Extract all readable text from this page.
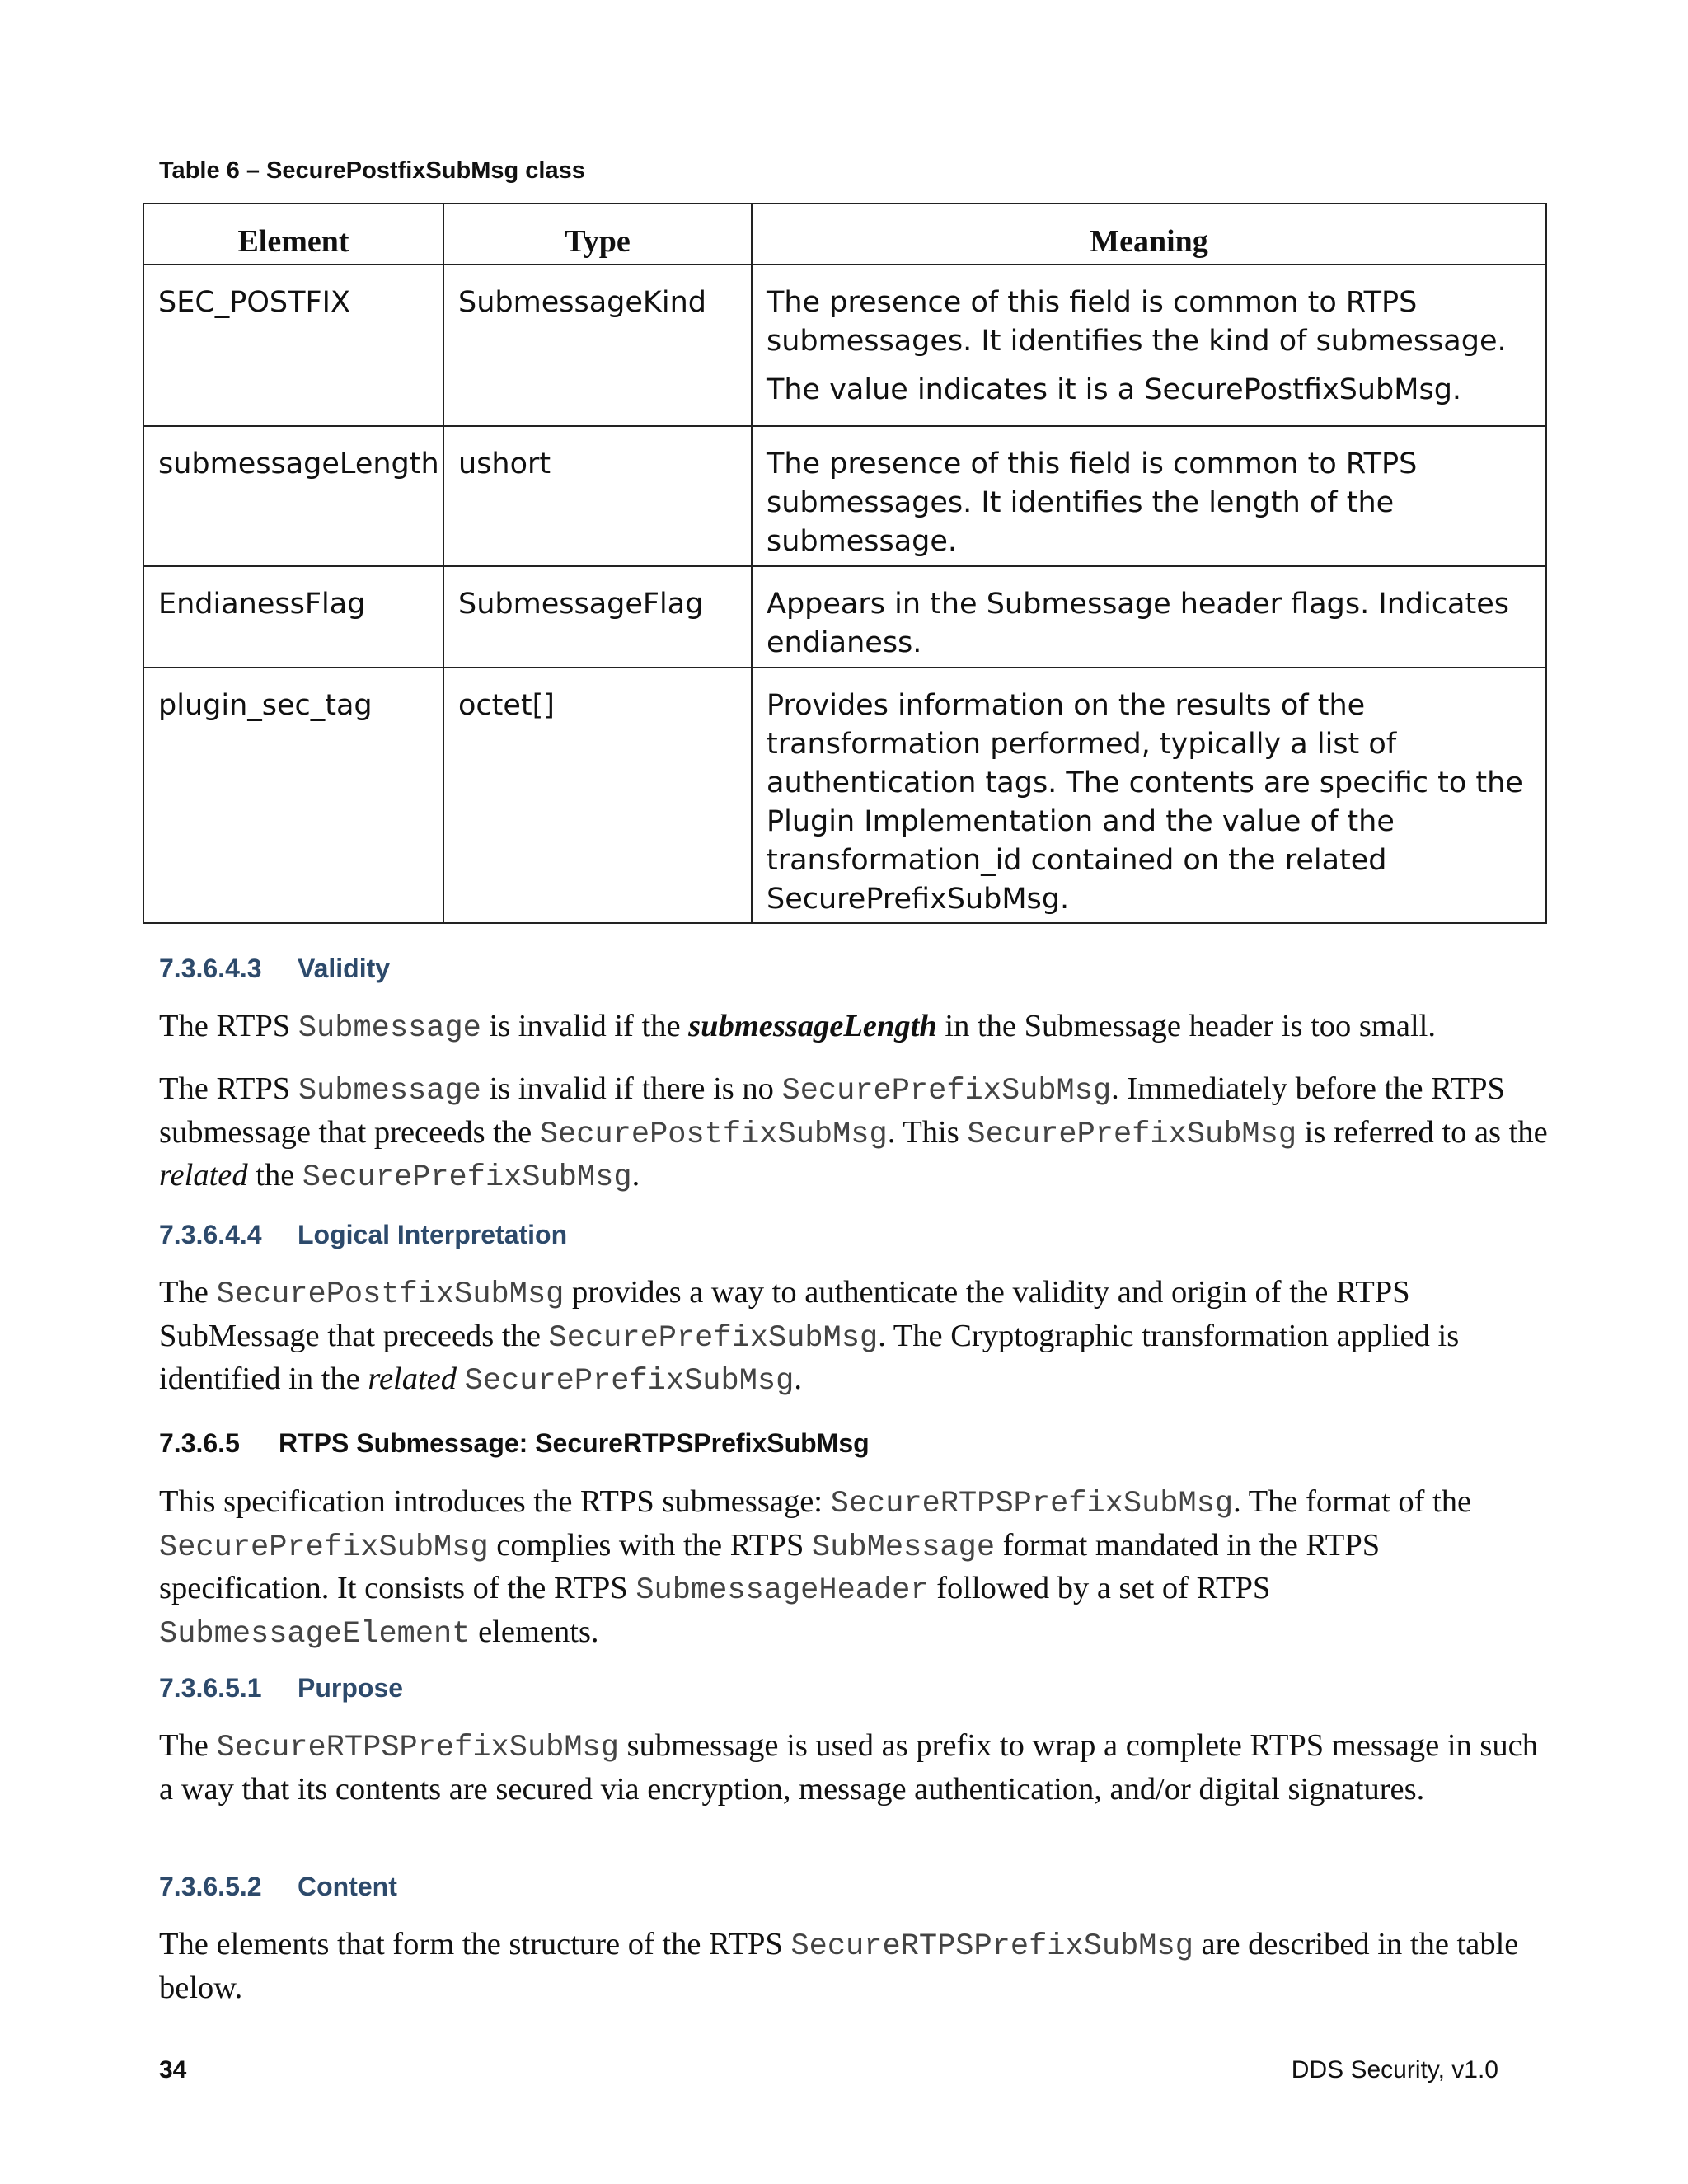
Table 6 – SecurePostfixSubMsg class
Element	Type	Meaning
SEC_POSTFIX	SubmessageKind	The presence of this field is common to RTPS submessages. It identifies the kind of submessage.

The value indicates it is a SecurePostfixSubMsg.

submessageLength	ushort	The presence of this field is common to RTPS submessages. It identifies the length of the submessage.

EndianessFlag	SubmessageFlag	Appears in the Submessage header flags. Indicates endianess.

plugin_sec_tag	octet[]	Provides information on the results of the transformation performed, typically a list of authentication tags. The contents are specific to the Plugin Implementation and the value of the transformation_id contained on the related SecurePrefixSubMsg.

7.3.6.4.3 Validity

The RTPS Submessage is invalid if the submessageLength in the Submessage header is too small.

The RTPS Submessage is invalid if there is no SecurePrefixSubMsg. Immediately before the RTPS submessage that preceeds the SecurePostfixSubMsg. This SecurePrefixSubMsg is referred to as the related the SecurePrefixSubMsg.

7.3.6.4.4 Logical Interpretation

The SecurePostfixSubMsg provides a way to authenticate the validity and origin of the RTPS SubMessage that preceeds the SecurePrefixSubMsg. The Cryptographic transformation applied is identified in the related SecurePrefixSubMsg.

7.3.6.5 RTPS Submessage: SecureRTPSPrefixSubMsg

This specification introduces the RTPS submessage: SecureRTPSPrefixSubMsg. The format of the SecurePrefixSubMsg complies with the RTPS SubMessage format mandated in the RTPS specification. It consists of the RTPS SubmessageHeader followed by a set of RTPS SubmessageElement elements.

7.3.6.5.1 Purpose

The SecureRTPSPrefixSubMsg submessage is used as prefix to wrap a complete RTPS message in such a way that its contents are secured via encryption, message authentication, and/or digital signatures.

7.3.6.5.2 Content

The elements that form the structure of the RTPS SecureRTPSPrefixSubMsg are described in the table below.

34	DDS Security, v1.0
